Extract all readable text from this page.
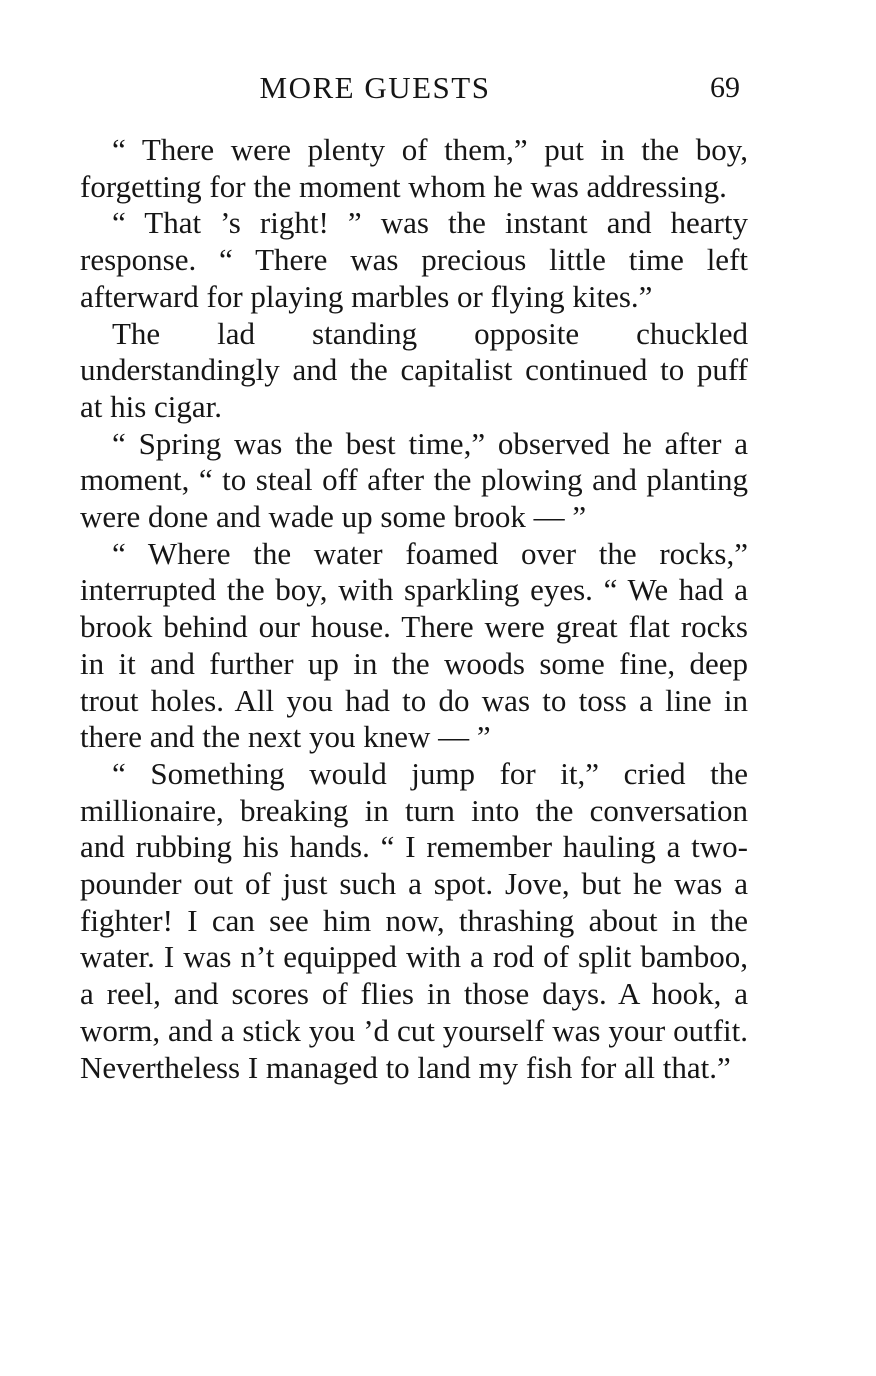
MORE GUESTS	69

“ There were plenty of them,” put in the boy, forgetting for the moment whom he was addressing.

“ That ’s right! ” was the instant and hearty response. “ There was precious little time left afterward for playing marbles or flying kites.”

The lad standing opposite chuckled understandingly and the capitalist continued to puff at his cigar.

“ Spring was the best time,” observed he after a moment, “ to steal off after the plowing and planting were done and wade up some brook — ”

“ Where the water foamed over the rocks,” interrupted the boy, with sparkling eyes. “ We had a brook behind our house. There were great flat rocks in it and further up in the woods some fine, deep trout holes. All you had to do was to toss a line in there and the next you knew — ”

“ Something would jump for it,” cried the millionaire, breaking in turn into the conversation and rubbing his hands. “ I remember hauling a two-pounder out of just such a spot. Jove, but he was a fighter! I can see him now, thrashing about in the water. I was n’t equipped with a rod of split bamboo, a reel, and scores of flies in those days. A hook, a worm, and a stick you ’d cut yourself was your outfit. Nevertheless I managed to land my fish for all that.”
